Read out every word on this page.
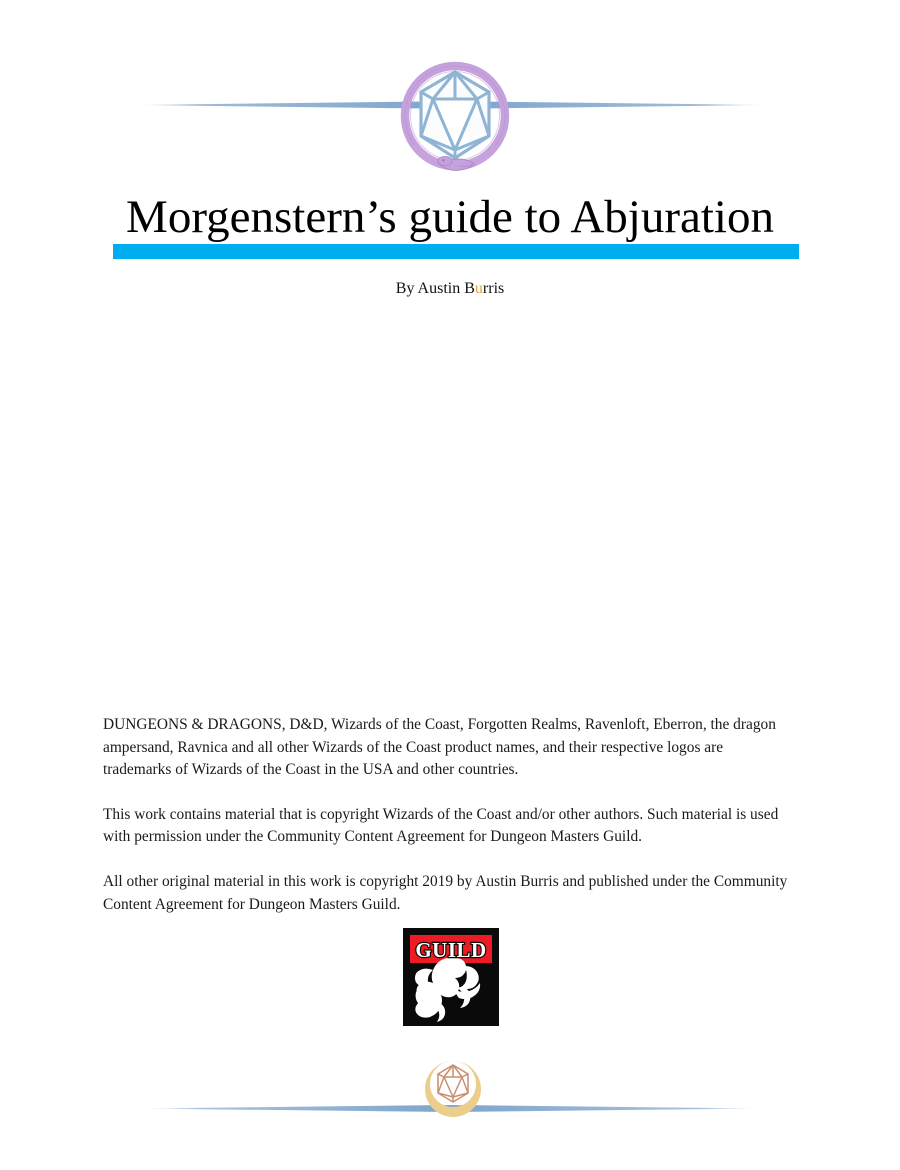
Morgenstern’s guide to Abjuration
By Austin Burris

DUNGEONS & DRAGONS, D&D, Wizards of the Coast, Forgotten Realms, Ravenloft, Eberron, the dragon ampersand, Ravnica and all other Wizards of the Coast product names, and their respective logos are trademarks of Wizards of the Coast in the USA and other countries.

This work contains material that is copyright Wizards of the Coast and/or other authors. Such material is used with permission under the Community Content Agreement for Dungeon Masters Guild.

All other original material in this work is copyright 2019 by Austin Burris and published under the Community Content Agreement for Dungeon Masters Guild.

GUILD
